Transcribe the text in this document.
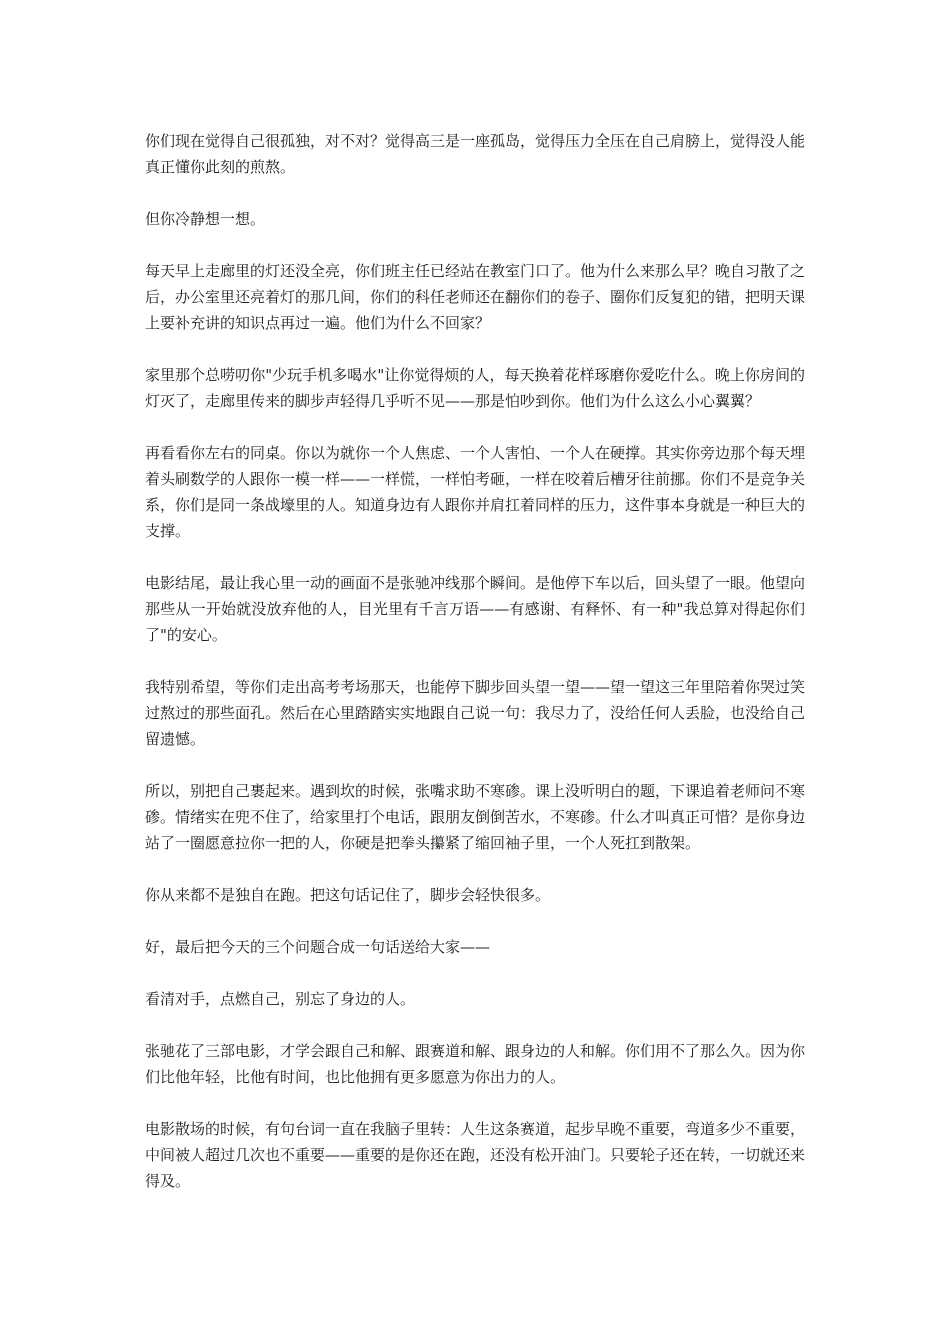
你们现在觉得自己很孤独，对不对？觉得高三是一座孤岛，觉得压力全压在自己肩膀上，觉得没人能真正懂你此刻的煎熬。

但你冷静想一想。

每天早上走廊里的灯还没全亮，你们班主任已经站在教室门口了。他为什么来那么早？晚自习散了之后，办公室里还亮着灯的那几间，你们的科任老师还在翻你们的卷子、圈你们反复犯的错，把明天课上要补充讲的知识点再过一遍。他们为什么不回家？

家里那个总唠叨你"少玩手机多喝水"让你觉得烦的人，每天换着花样琢磨你爱吃什么。晚上你房间的灯灭了，走廊里传来的脚步声轻得几乎听不见——那是怕吵到你。他们为什么这么小心翼翼？

再看看你左右的同桌。你以为就你一个人焦虑、一个人害怕、一个人在硬撑。其实你旁边那个每天埋着头刷数学的人跟你一模一样——一样慌，一样怕考砸，一样在咬着后槽牙往前挪。你们不是竞争关系，你们是同一条战壕里的人。知道身边有人跟你并肩扛着同样的压力，这件事本身就是一种巨大的支撑。

电影结尾，最让我心里一动的画面不是张驰冲线那个瞬间。是他停下车以后，回头望了一眼。他望向那些从一开始就没放弃他的人，目光里有千言万语——有感谢、有释怀、有一种"我总算对得起你们了"的安心。

我特别希望，等你们走出高考考场那天，也能停下脚步回头望一望——望一望这三年里陪着你哭过笑过熬过的那些面孔。然后在心里踏踏实实地跟自己说一句：我尽力了，没给任何人丢脸，也没给自己留遗憾。

所以，别把自己裹起来。遇到坎的时候，张嘴求助不寒碜。课上没听明白的题，下课追着老师问不寒碜。情绪实在兜不住了，给家里打个电话，跟朋友倒倒苦水，不寒碜。什么才叫真正可惜？是你身边站了一圈愿意拉你一把的人，你硬是把拳头攥紧了缩回袖子里，一个人死扛到散架。

你从来都不是独自在跑。把这句话记住了，脚步会轻快很多。

好，最后把今天的三个问题合成一句话送给大家——

看清对手，点燃自己，别忘了身边的人。

张驰花了三部电影，才学会跟自己和解、跟赛道和解、跟身边的人和解。你们用不了那么久。因为你们比他年轻，比他有时间，也比他拥有更多愿意为你出力的人。

电影散场的时候，有句台词一直在我脑子里转：人生这条赛道，起步早晚不重要，弯道多少不重要，中间被人超过几次也不重要——重要的是你还在跑，还没有松开油门。只要轮子还在转，一切就还来得及。
